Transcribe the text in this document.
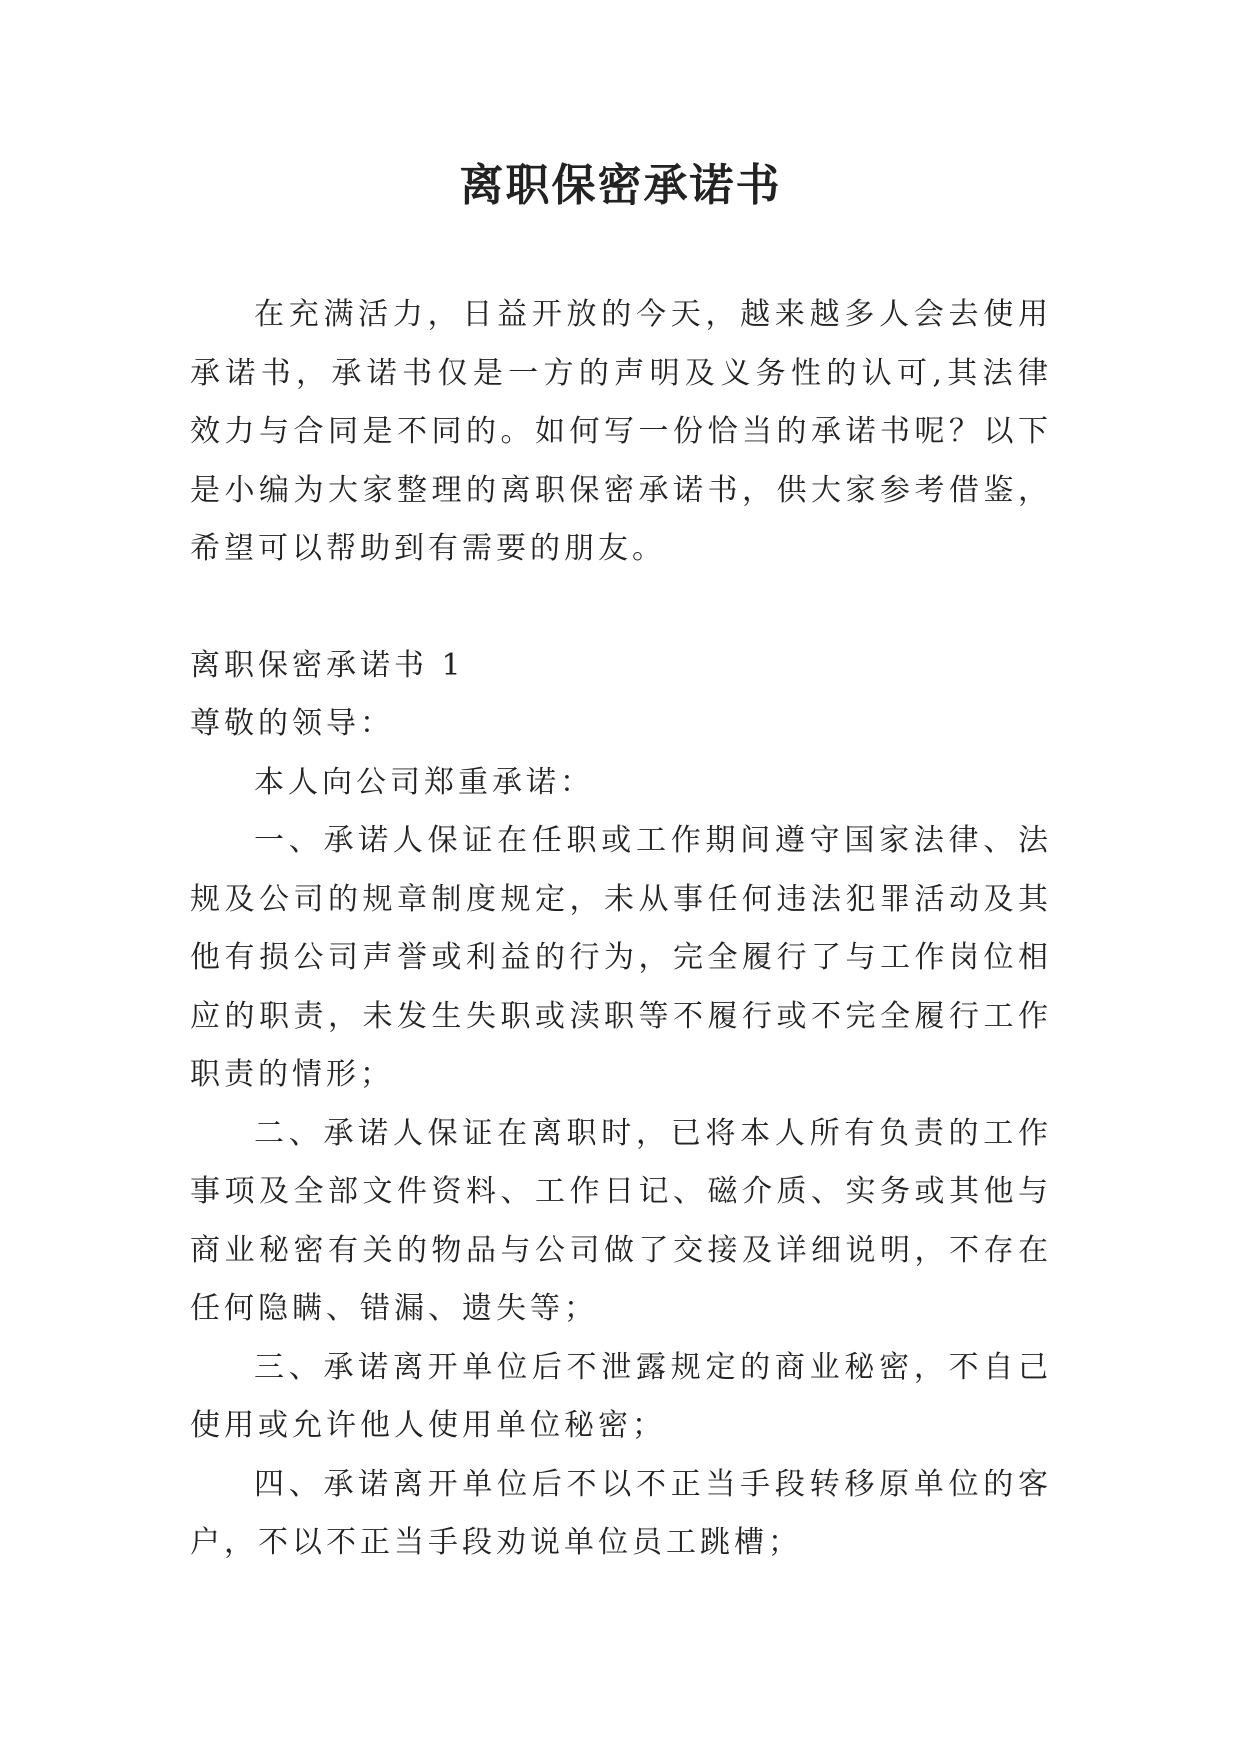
离职保密承诺书

在充满活力，日益开放的今天，越来越多人会去使用承诺书，承诺书仅是一方的声明及义务性的认可,其法律效力与合同是不同的。如何写一份恰当的承诺书呢？以下是小编为大家整理的离职保密承诺书，供大家参考借鉴，希望可以帮助到有需要的朋友。

离职保密承诺书 1

尊敬的领导：

本人向公司郑重承诺：

一、承诺人保证在任职或工作期间遵守国家法律、法规及公司的规章制度规定，未从事任何违法犯罪活动及其他有损公司声誉或利益的行为，完全履行了与工作岗位相应的职责，未发生失职或渎职等不履行或不完全履行工作职责的情形；

二、承诺人保证在离职时，已将本人所有负责的工作事项及全部文件资料、工作日记、磁介质、实务或其他与商业秘密有关的物品与公司做了交接及详细说明，不存在任何隐瞒、错漏、遗失等；

三、承诺离开单位后不泄露规定的商业秘密，不自己使用或允许他人使用单位秘密；

四、承诺离开单位后不以不正当手段转移原单位的客户，不以不正当手段劝说单位员工跳槽；
